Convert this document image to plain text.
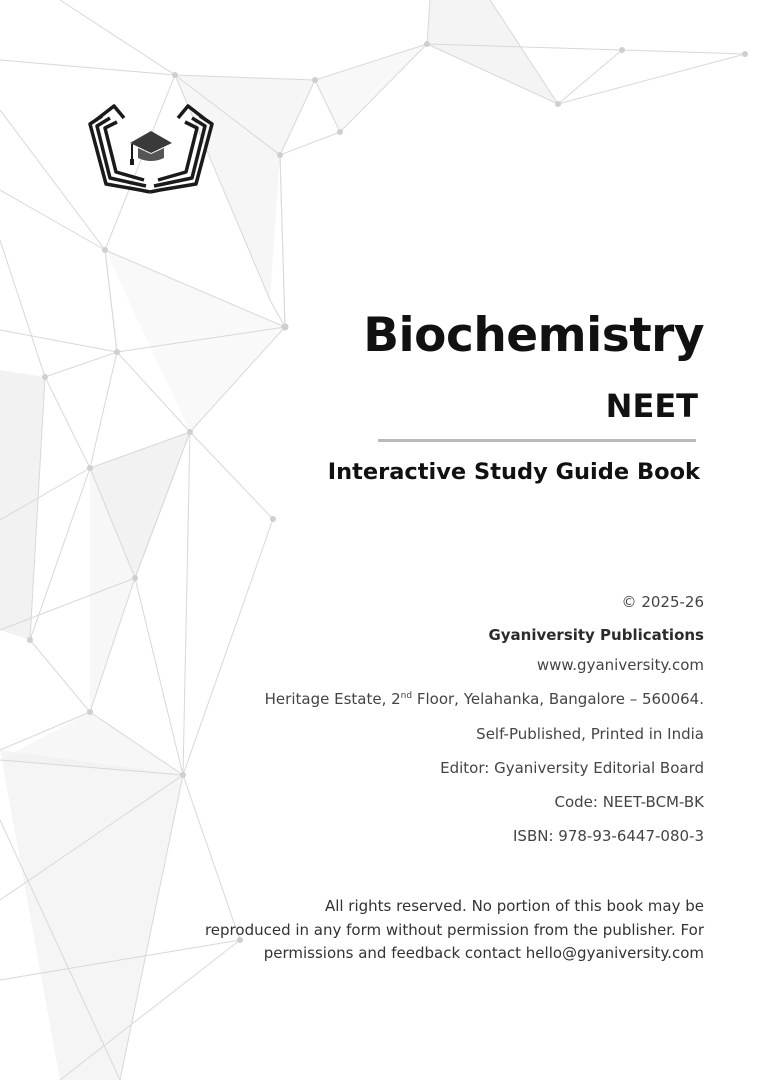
Biochemistry
NEET
Interactive Study Guide Book
© 2025-26
Gyaniversity Publications
www.gyaniversity.com
Heritage Estate, 2nd Floor, Yelahanka, Bangalore – 560064.
Self-Published, Printed in India
Editor: Gyaniversity Editorial Board
Code: NEET-BCM-BK
ISBN: 978-93-6447-080-3
All rights reserved. No portion of this book may be
reproduced in any form without permission from the publisher. For
permissions and feedback contact hello@gyaniversity.com
